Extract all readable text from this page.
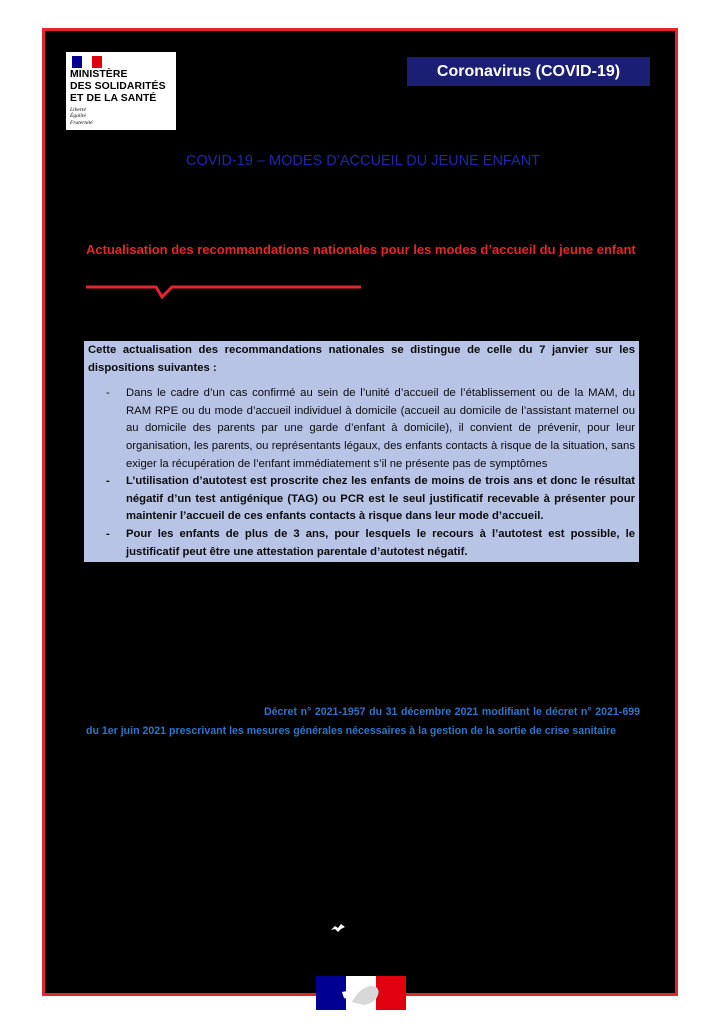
MINISTÈRE
DES SOLIDARITÉS
ET DE LA SANTÉ
Liberté
Égalité
Fraternité
Coronavirus (COVID-19)
COVID-19 – MODES D’ACCUEIL DU JEUNE ENFANT
Actualisation des recommandations nationales pour les modes d’accueil du jeune enfant
Cette actualisation des recommandations nationales se distingue de celle du 7 janvier sur les dispositions suivantes :
- Dans le cadre d’un cas confirmé au sein de l’unité d’accueil de l’établissement ou de la MAM, du RAM RPE ou du mode d’accueil individuel à domicile (accueil au domicile de l’assistant maternel ou au domicile des parents par une garde d’enfant à domicile), il convient de prévenir, pour leur organisation, les parents, ou représentants légaux, des enfants contacts à risque de la situation, sans exiger la récupération de l’enfant immédiatement s’il ne présente pas de symptômes
- L’utilisation d’autotest est proscrite chez les enfants de moins de trois ans et donc le résultat négatif d’un test antigénique (TAG) ou PCR est le seul justificatif recevable à présenter pour maintenir l’accueil de ces enfants contacts à risque dans leur mode d’accueil.
- Pour les enfants de plus de 3 ans, pour lesquels le recours à l’autotest est possible, le justificatif peut être une attestation parentale d’autotest négatif.
Décret n° 2021-1957 du 31 décembre 2021 modifiant le décret n° 2021-699 du 1er juin 2021 prescrivant les mesures générales nécessaires à la gestion de la sortie de crise sanitaire
